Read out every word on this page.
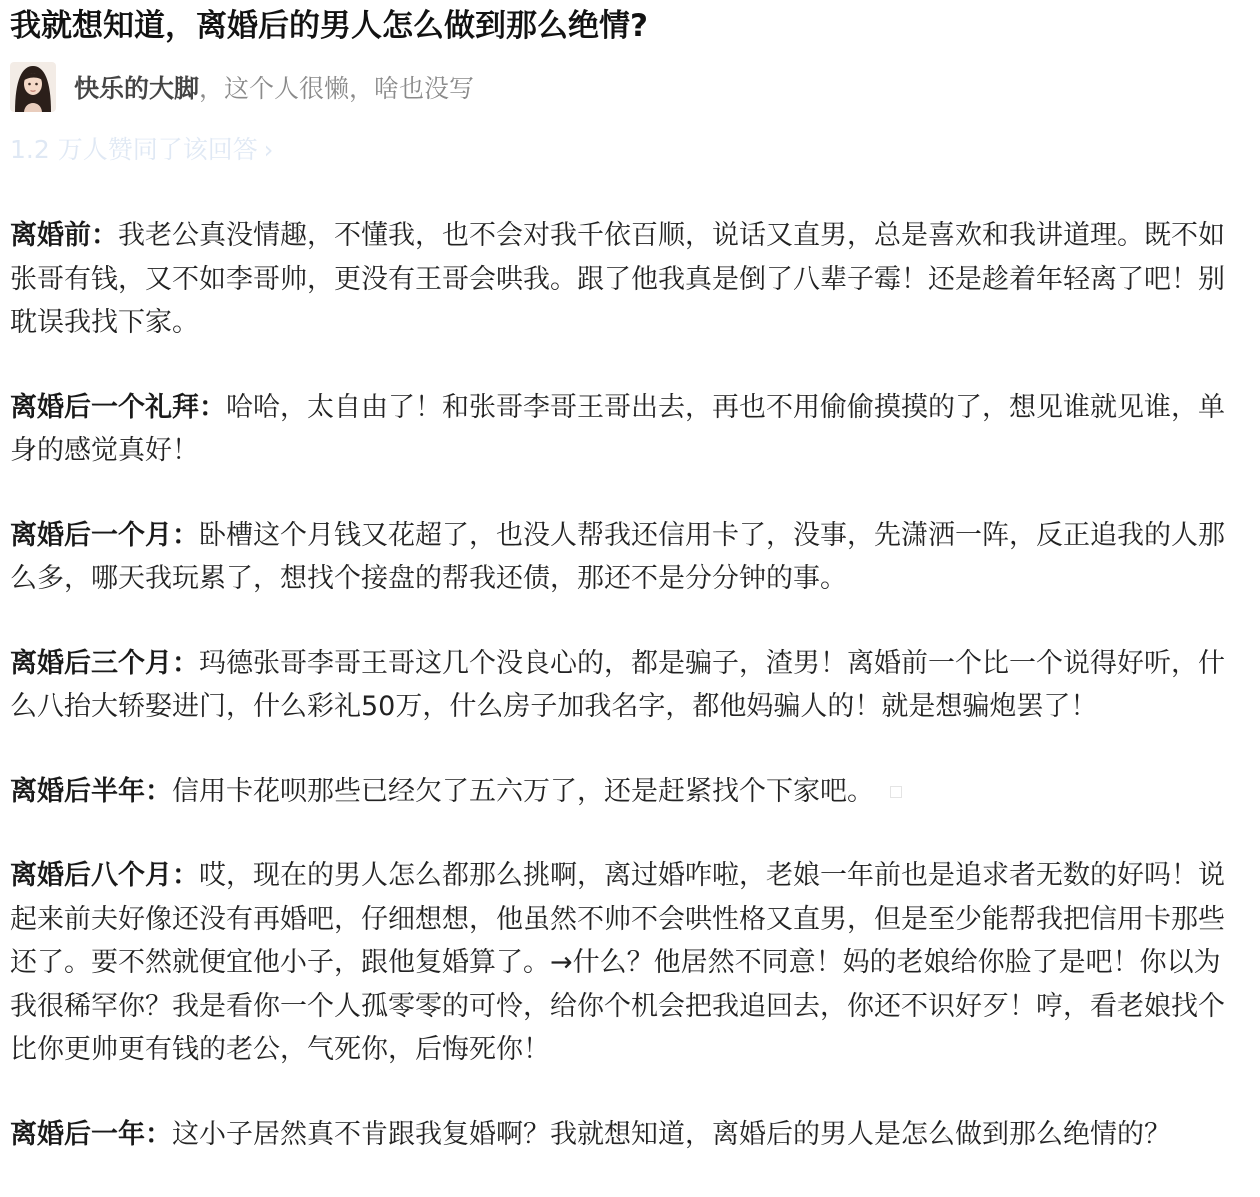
我就想知道，离婚后的男人怎么做到那么绝情?
快乐的大脚 ，这个人很懒，啥也没写
1.2 万人赞同了该回答 ›

离婚前：我老公真没情趣，不懂我，也不会对我千依百顺，说话又直男，总是喜欢和我讲道理。既不如张哥有钱，又不如李哥帅，更没有王哥会哄我。跟了他我真是倒了八辈子霉！还是趁着年轻离了吧！别耽误我找下家。

离婚后一个礼拜：哈哈，太自由了！和张哥李哥王哥出去，再也不用偷偷摸摸的了，想见谁就见谁，单身的感觉真好！

离婚后一个月：卧槽这个月钱又花超了，也没人帮我还信用卡了，没事，先潇洒一阵，反正追我的人那么多，哪天我玩累了，想找个接盘的帮我还债，那还不是分分钟的事。

离婚后三个月：玛德张哥李哥王哥这几个没良心的，都是骗子，渣男！离婚前一个比一个说得好听，什么八抬大轿娶进门，什么彩礼50万，什么房子加我名字，都他妈骗人的！就是想骗炮罢了！

离婚后半年：信用卡花呗那些已经欠了五六万了，还是赶紧找个下家吧。

离婚后八个月：哎，现在的男人怎么都那么挑啊，离过婚咋啦，老娘一年前也是追求者无数的好吗！说起来前夫好像还没有再婚吧，仔细想想，他虽然不帅不会哄性格又直男，但是至少能帮我把信用卡那些还了。要不然就便宜他小子，跟他复婚算了。→什么？他居然不同意！妈的老娘给你脸了是吧！你以为我很稀罕你？我是看你一个人孤零零的可怜，给你个机会把我追回去，你还不识好歹！哼，看老娘找个比你更帅更有钱的老公，气死你，后悔死你！

离婚后一年：这小子居然真不肯跟我复婚啊？我就想知道，离婚后的男人是怎么做到那么绝情的？
